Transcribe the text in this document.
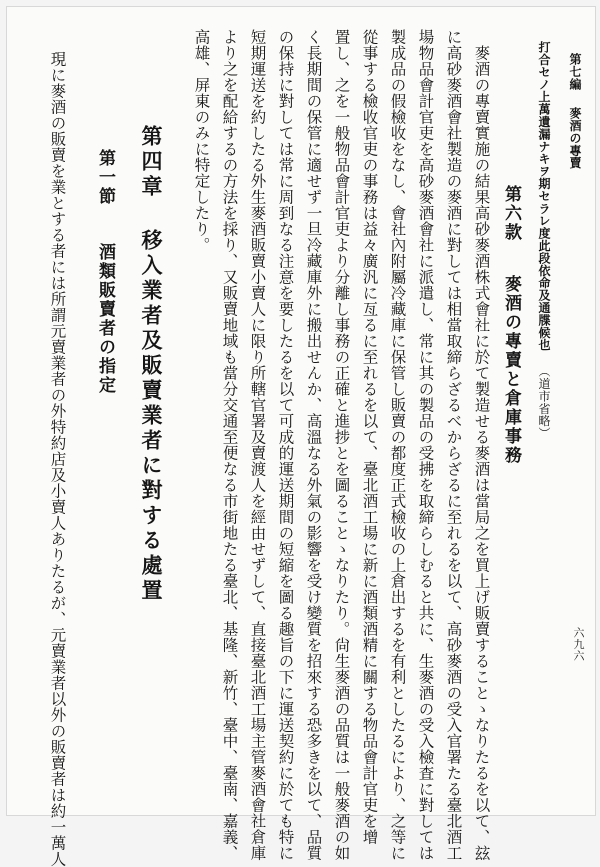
第七編
麥酒の專賣
六九六
打合セノ上萬遺漏ナキヲ期セラレ度此段依命及通牒候也
（道市省略）
第六款
麥酒の專賣と倉庫事務
麥酒の專賣實施の結果高砂麥酒株式會社に於て製造せる麥酒は當局之を買上げ販賣することゝなりたるを以て、玆
に高砂麥酒會社製造の麥酒に對しては相當取締らざるべからざるに至れるを以て、高砂麥酒の受入官署たる臺北酒工
場物品會計官吏を高砂麥酒會社に派遣し、常に其の製品の受拂を取締らしむると共に、生麥酒の受入檢査に對しては
製成品の假檢收をなし、會社內附屬冷藏庫に保管し販賣の都度正式檢收の上倉出するを有利としたるにより、之等に
從事する檢收官吏の事務は益々廣汎に亙るに至れるを以て、臺北酒工場に新に酒類酒精に關する物品會計官吏を增
置し、之を一般物品會計官吏より分離し事務の正確と進捗とを圖ることゝなりたり。尙生麥酒の品質は一般麥酒の如
く長期間の保管に適せず一旦冷藏庫外に搬出せんか、高溫なる外氣の影響を受け變質を招來する恐多きを以て、品質
の保持に對しては常に周到なる注意を要したるを以て可成的運送期間の短縮を圖る趣旨の下に運送契約に於ても特に
短期運送を約したる外生麥酒販賣小賣人に限り所轄官署及賣渡人を經由せずして、直接臺北酒工場主管麥酒會社倉庫
より之を配給するの方法を採り、又販賣地域も當分交通至便なる市街地たる臺北、基隆、新竹、臺中、臺南、嘉義、
高雄、屏東のみに特定したり。
第四章
移入業者及販賣業者に對する處置
第一節
酒類販賣者の指定
現に麥酒の販賣を業とする者には所謂元賣業者の外特約店及小賣人ありたるが、元賣業者以外の販賣者は約一萬人
